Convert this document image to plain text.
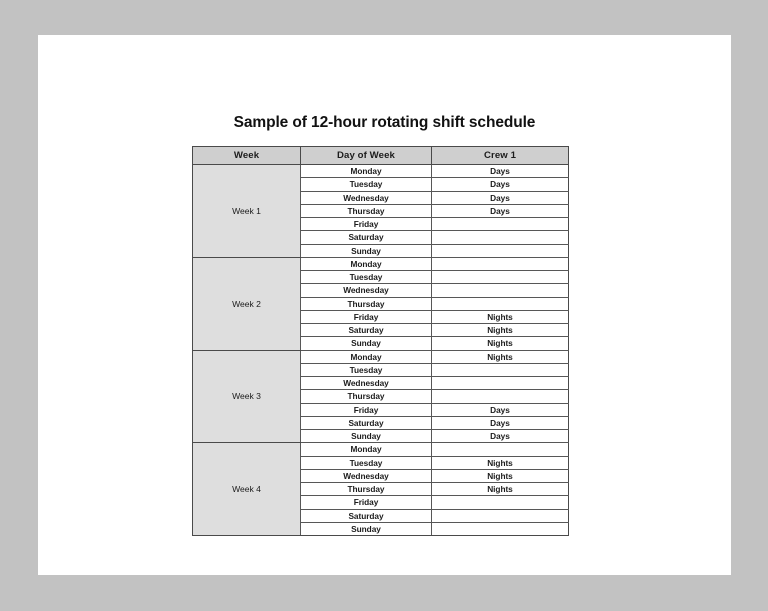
Sample of 12-hour rotating shift schedule
Week	Day of Week	Crew 1
Week 1	Monday	Days
	Tuesday	Days
	Wednesday	Days
	Thursday	Days
	Friday	
	Saturday	
	Sunday	
Week 2	Monday	
	Tuesday	
	Wednesday	
	Thursday	
	Friday	Nights
	Saturday	Nights
	Sunday	Nights
Week 3	Monday	Nights
	Tuesday	
	Wednesday	
	Thursday	
	Friday	Days
	Saturday	Days
	Sunday	Days
Week 4	Monday	
	Tuesday	Nights
	Wednesday	Nights
	Thursday	Nights
	Friday	
	Saturday	
	Sunday	
